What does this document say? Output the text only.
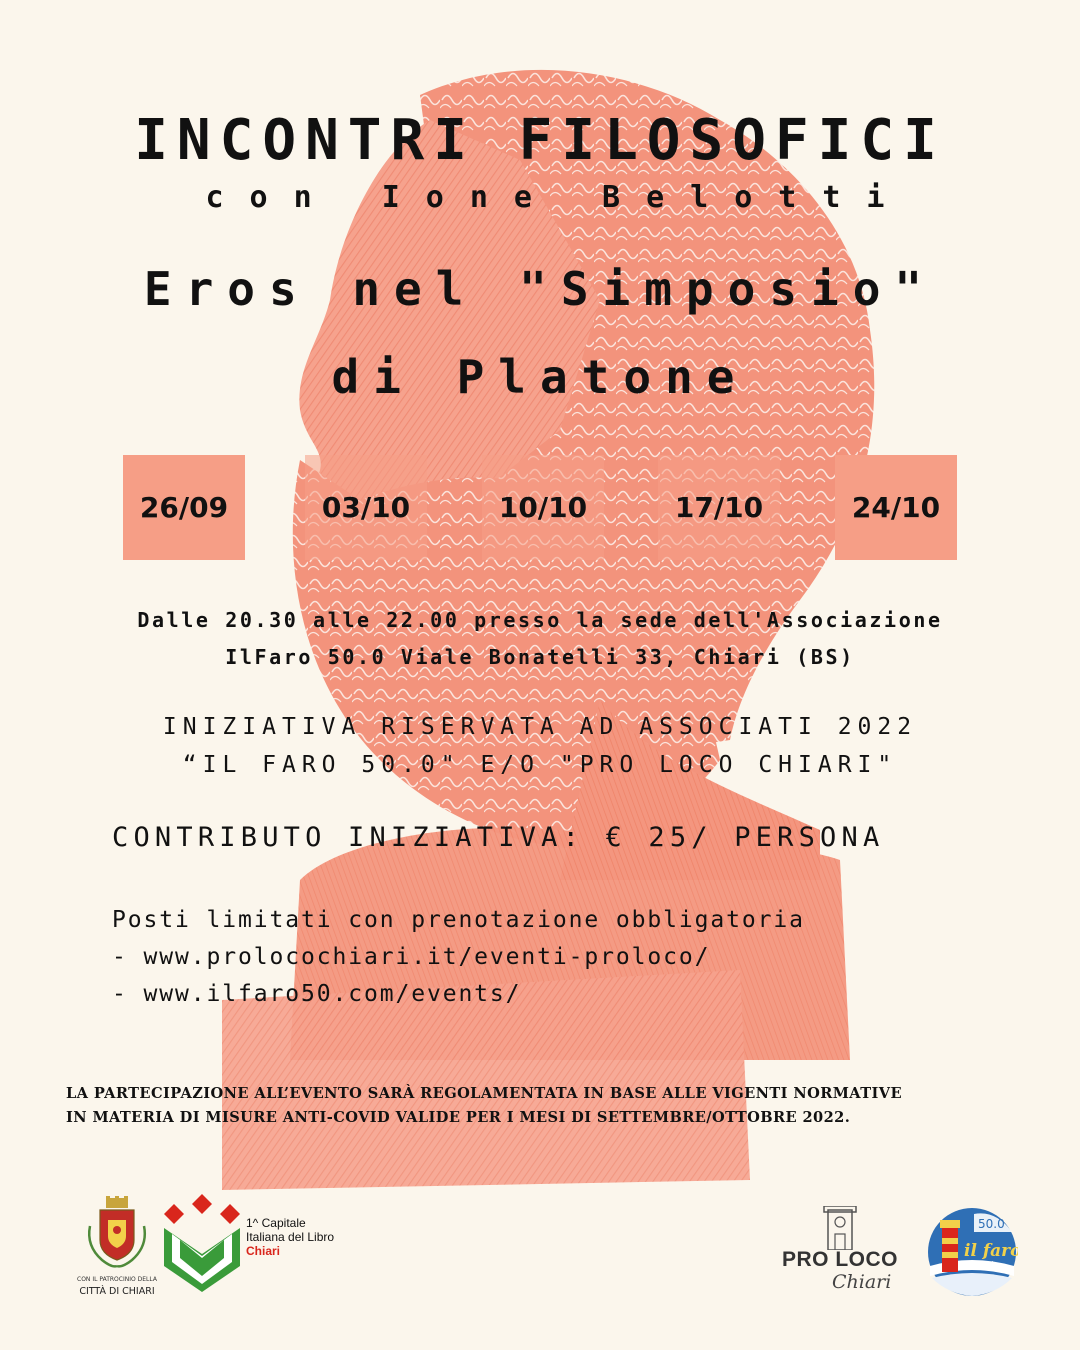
INCONTRI FILOSOFICI
con Ione Belotti
Eros nel "Simposio"
di Platone
26/09	03/10	10/10	17/10	24/10
Dalle 20.30 alle 22.00 presso la sede dell'Associazione
IlFaro 50.0 Viale Bonatelli 33, Chiari (BS)
INIZIATIVA RISERVATA AD ASSOCIATI 2022
“IL FARO 50.0" E/O "PRO LOCO CHIARI"
CONTRIBUTO INIZIATIVA: € 25/ PERSONA
Posti limitati con prenotazione obbligatoria
- www.prolocochiari.it/eventi-proloco/
- www.ilfaro50.com/events/
LA PARTECIPAZIONE ALL’EVENTO SARÀ REGOLAMENTATA IN BASE ALLE VIGENTI NORMATIVE
IN MATERIA DI MISURE ANTI-COVID VALIDE PER I MESI DI SETTEMBRE/OTTOBRE 2022.
CON IL PATROCINIO DELLA
CITTÀ DI CHIARI
1^ Capitale
Italiana del Libro
Chiari	PRO LOCO
Chiari
50.0
il faro
odv
